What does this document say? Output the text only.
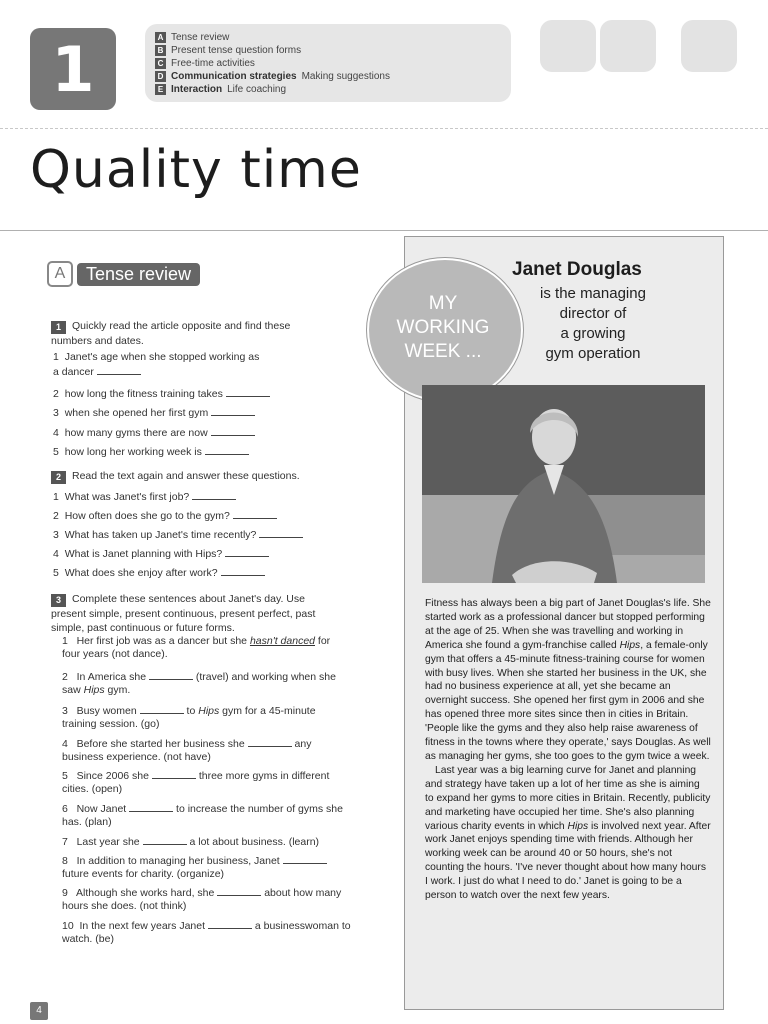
1	A Tense review
B Present tense question forms
C Free-time activities
D Communication strategies Making suggestions
E Interaction Life coaching
Quality time
A	Tense review
1 Quickly read the article opposite and find these
numbers and dates.
1  Janet's age when she stopped working as
a dancer
2  how long the fitness training takes
3  when she opened her first gym
4  how many gyms there are now
5  how long her working week is
2 Read the text again and answer these questions.
1  What was Janet's first job?
2  How often does she go to the gym?
3  What has taken up Janet's time recently?
4  What is Janet planning with Hips?
5  What does she enjoy after work?
3 Complete these sentences about Janet's day. Use
present simple, present continuous, present perfect, past
simple, past continuous or future forms.
1   Her first job was as a dancer but she hasn't danced for
four years (not dance).
2   In America she	(travel) and working when she
saw Hips gym.
3   Busy women	to Hips gym for a 45-minute
training session. (go)
4   Before she started her business she	any
business experience. (not have)
5   Since 2006 she	three more gyms in different
cities. (open)
6   Now Janet	to increase the number of gyms she
has. (plan)
7   Last year she	a lot about business. (learn)
8   In addition to managing her business, Janet
future events for charity. (organize)
9   Although she works hard, she	about how many
hours she does. (not think)
10  In the next few years Janet	a businesswoman to
watch. (be)
MY
WORKING
WEEK ...
Janet Douglas
is the managing
director of
a growing
gym operation

Fitness has always been a big part of Janet Douglas's life. She started work as a professional dancer but stopped performing at the age of 25. When she was travelling and working in America she found a gym-franchise called Hips, a female-only gym that offers a 45-minute fitness-training course for women with busy lives. When she started her business in the UK, she had no business experience at all, yet she became an overnight success. She opened her first gym in 2006 and she has opened three more sites since then in cities in Britain. 'People like the gyms and they also help raise awareness of fitness in the towns where they operate,' says Douglas. As well as managing her gyms, she too goes to the gym twice a week.

Last year was a big learning curve for Janet and planning and strategy have taken up a lot of her time as she is aiming to expand her gyms to more cities in Britain. Recently, publicity and marketing have occupied her time. She's also planning various charity events in which Hips is involved next year. After work Janet enjoys spending time with friends. Although her working week can be around 40 or 50 hours, she's not counting the hours. 'I've never thought about how many hours I work. I just do what I need to do.' Janet is going to be a person to watch over the next few years.

4
